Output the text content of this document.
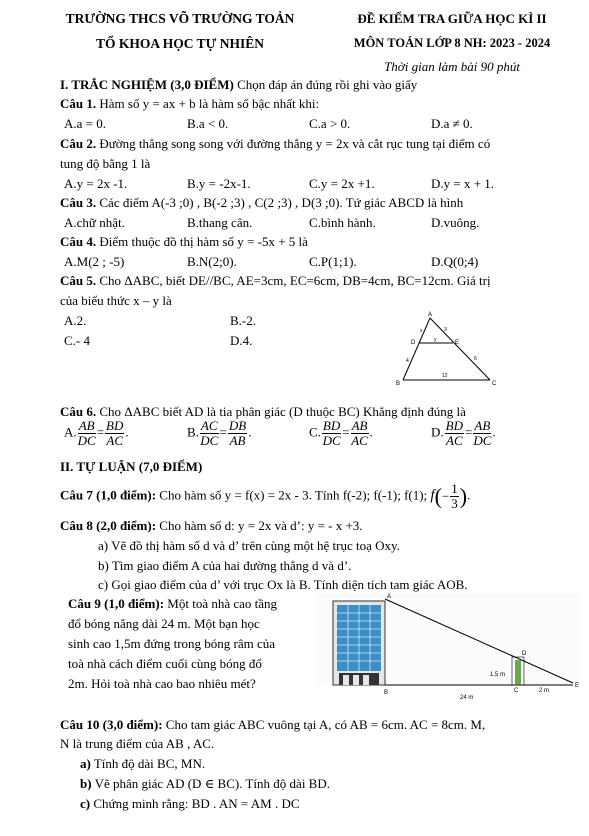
TRƯỜNG THCS VÕ TRƯỜNG TOẢN
TỔ KHOA HỌC TỰ NHIÊN
ĐỀ KIỂM TRA GIỮA HỌC KÌ II
MÔN TOÁN LỚP 8 NH: 2023 - 2024
Thời gian làm bài 90 phút
I. TRẮC NGHIỆM (3,0 ĐIỂM) Chọn đáp án đúng rồi ghi vào giấy
Câu 1. Hàm số y = ax + b là hàm số bậc nhất khi:
A.a = 0.	B.a < 0.	C.a > 0.	D.a ≠ 0.
Câu 2. Đường thẳng song song với đường thẳng y = 2x và cắt rục tung tại điểm có
tung độ bằng 1 là
A.y = 2x -1.	B.y = -2x-1.	C.y = 2x +1.	D.y = x + 1.
Câu 3. Các điểm A(-3 ;0) , B(-2 ;3) , C(2 ;3) , D(3 ;0). Tứ giác ABCD là hình
A.chữ nhật.	B.thang cân.	C.bình hành.	D.vuông.
Câu 4. Điểm thuộc đồ thị hàm số y = -5x + 5 là
A.M(2 ; -5)	B.N(2;0).	C.P(1;1).	D.Q(0;4)
Câu 5. Cho ΔABC, biết DE//BC, AE=3cm, EC=6cm, DB=4cm, BC=12cm. Giá trị
của biểu thức x – y là
A.2.	B.-2.
C.- 4	D.4.
A
D	E
B	C
x
y
3
4	6
12
Câu 6. Cho ΔABC biết AD là tia phân giác (D thuộc BC) Khẳng định đúng là
A. $\frac{AB}{DC} = \frac{BD}{AC}$ .	B. $\frac{AC}{DC} = \frac{DB}{AB}$ .	C. $\frac{BD}{DC} = \frac{AB}{AC}$ .	D. $\frac{BD}{AC} = \frac{AB}{DC}$ .
II. TỰ LUẬN (7,0 ĐIỂM)
Câu 7 (1,0 điểm): Cho hàm số y = f(x) = 2x - 3. Tính f(-2); f(-1); f(1); $f(- \frac{1}{3}$ ).
Câu 8 (2,0 điểm): Cho hàm số d: y = 2x và d’: y = - x +3.
a) Vẽ đồ thị hàm số d và d’ trên cùng một hệ trục toạ Oxy.
b) Tìm giao điểm A của hai đường thẳng d và d’.
c) Gọi giao điểm của d’ với trục Ox là B. Tính diện tích tam giác AOB.
Câu 9 (1,0 điểm): Một toà nhà cao tầng
đổ bóng nắng dài 24 m. Một bạn học
sinh cao 1,5m đứng trong bóng râm của
toà nhà cách điểm cuối cùng bóng đổ
2m. Hỏi toà nhà cao bao nhiêu mét?
A
B	C
D
E
1,5 m
24 m
2 m
Câu 10 (3,0 điểm): Cho tam giác ABC vuông tại A, có AB = 6cm. AC = 8cm. M,
N là trung điểm của AB , AC.
a) Tính độ dài BC, MN.
b) Vẽ phân giác AD (D ∈ BC). Tính độ dài BD.
c) Chứng minh rằng: BD . AN = AM . DC
